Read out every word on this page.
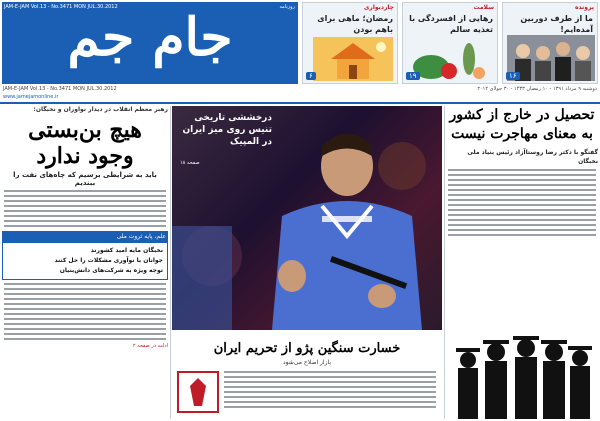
JAM-E-JAM Vol.13 - No.3471 MON JUL.30.2012	روزنامه
جام جم	چاردیواری
رمضان؛ ماهی برای باهم بودن
۶
سلامت
رهایی از افسردگی با تغذیه سالم
۱۹
پرونده
ما از طرف دوربین آمده‌ایم!
۱۶
JAM-E-JAM Vol.13 - No.3471 MON JUL.30.2012	دوشنبه ۹ مرداد ۱۳۹۱ - ۱۰ رمضان ۱۴۳۳ - ۳۰ جولای ۲۰۱۲
www.jamejamonline.ir
رهبر معظم انقلاب در دیدار نوآوران و نخبگان:
هیچ بن‌بستی وجود ندارد
باید به شرایطی برسیم که چاه‌های نفت را ببندیم
علم، پایه ثروت ملی
نخبگان مایه امید کشورند
جوانان با نوآوری مشکلات را حل کنند
توجه ویژه به شرکت‌های دانش‌بنیان
ادامه در صفحه ۲
درخششی تاریخی تنیس روی میز ایران در المپیک
صفحه ۱۸
خسارت سنگین پژو از تحریم ایران
بازار اصلاح می‌شود
تحصیل در خارج از کشور به معنای مهاجرت نیست
گفتگو با دکتر رضا روستاآزاد رئیس بنیاد ملی نخبگان
